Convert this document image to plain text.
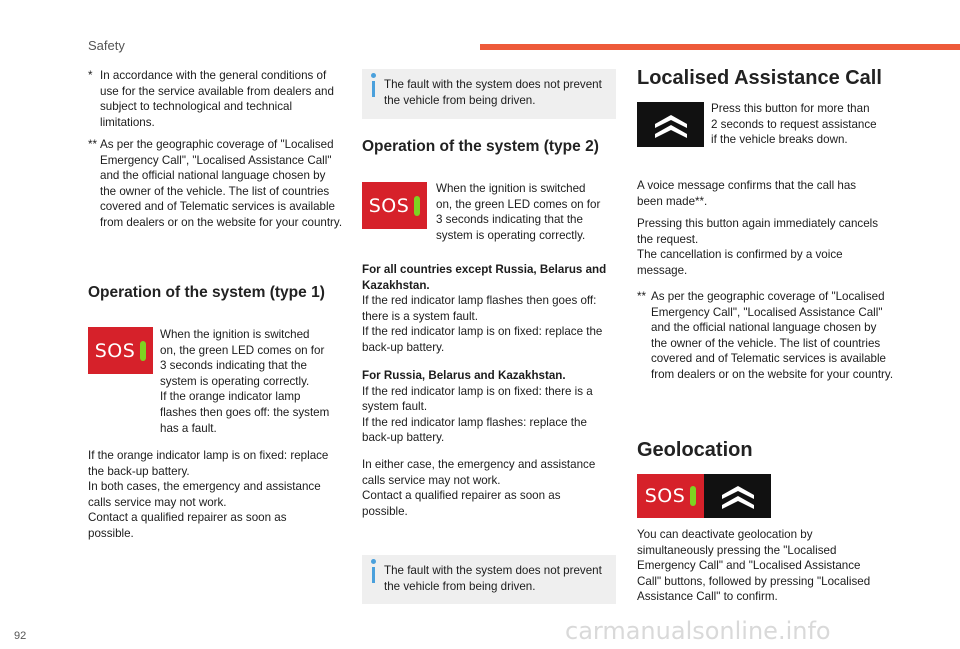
Safety
* In accordance with the general conditions of use for the service available from dealers and subject to technological and technical limitations.
** As per the geographic coverage of "Localised Emergency Call", "Localised Assistance Call" and the official national language chosen by the owner of the vehicle. The list of countries covered and of Telematic services is available from dealers or on the website for your country.
Operation of the system (type 1)
SOS
When the ignition is switched
on, the green LED comes on for
3 seconds indicating that the
system is operating correctly.
If the orange indicator lamp
flashes then goes off: the system
has a fault.
If the orange indicator lamp is on fixed: replace
the back-up battery.
In both cases, the emergency and assistance
calls service may not work.
Contact a qualified repairer as soon as
possible.
The fault with the system does not prevent the vehicle from being driven.
Operation of the system (type 2)
SOS
When the ignition is switched
on, the green LED comes on for
3 seconds indicating that the
system is operating correctly.
For all countries except Russia, Belarus and Kazakhstan.
If the red indicator lamp flashes then goes off:
there is a system fault.
If the red indicator lamp is on fixed: replace the
back-up battery.
For Russia, Belarus and Kazakhstan.
If the red indicator lamp is on fixed: there is a
system fault.
If the red indicator lamp flashes: replace the
back-up battery.
In either case, the emergency and assistance
calls service may not work.
Contact a qualified repairer as soon as
possible.
The fault with the system does not prevent the vehicle from being driven.
Localised Assistance Call
Press this button for more than
2 seconds to request assistance
if the vehicle breaks down.
A voice message confirms that the call has been made**.
Pressing this button again immediately cancels
the request.
The cancellation is confirmed by a voice
message.
** As per the geographic coverage of "Localised Emergency Call", "Localised Assistance Call" and the official national language chosen by the owner of the vehicle. The list of countries covered and of Telematic services is available from dealers or on the website for your country.
Geolocation
SOS
You can deactivate geolocation by
simultaneously pressing the "Localised
Emergency Call" and "Localised Assistance
Call" buttons, followed by pressing "Localised
Assistance Call" to confirm.
92	carmanualsonline.info
